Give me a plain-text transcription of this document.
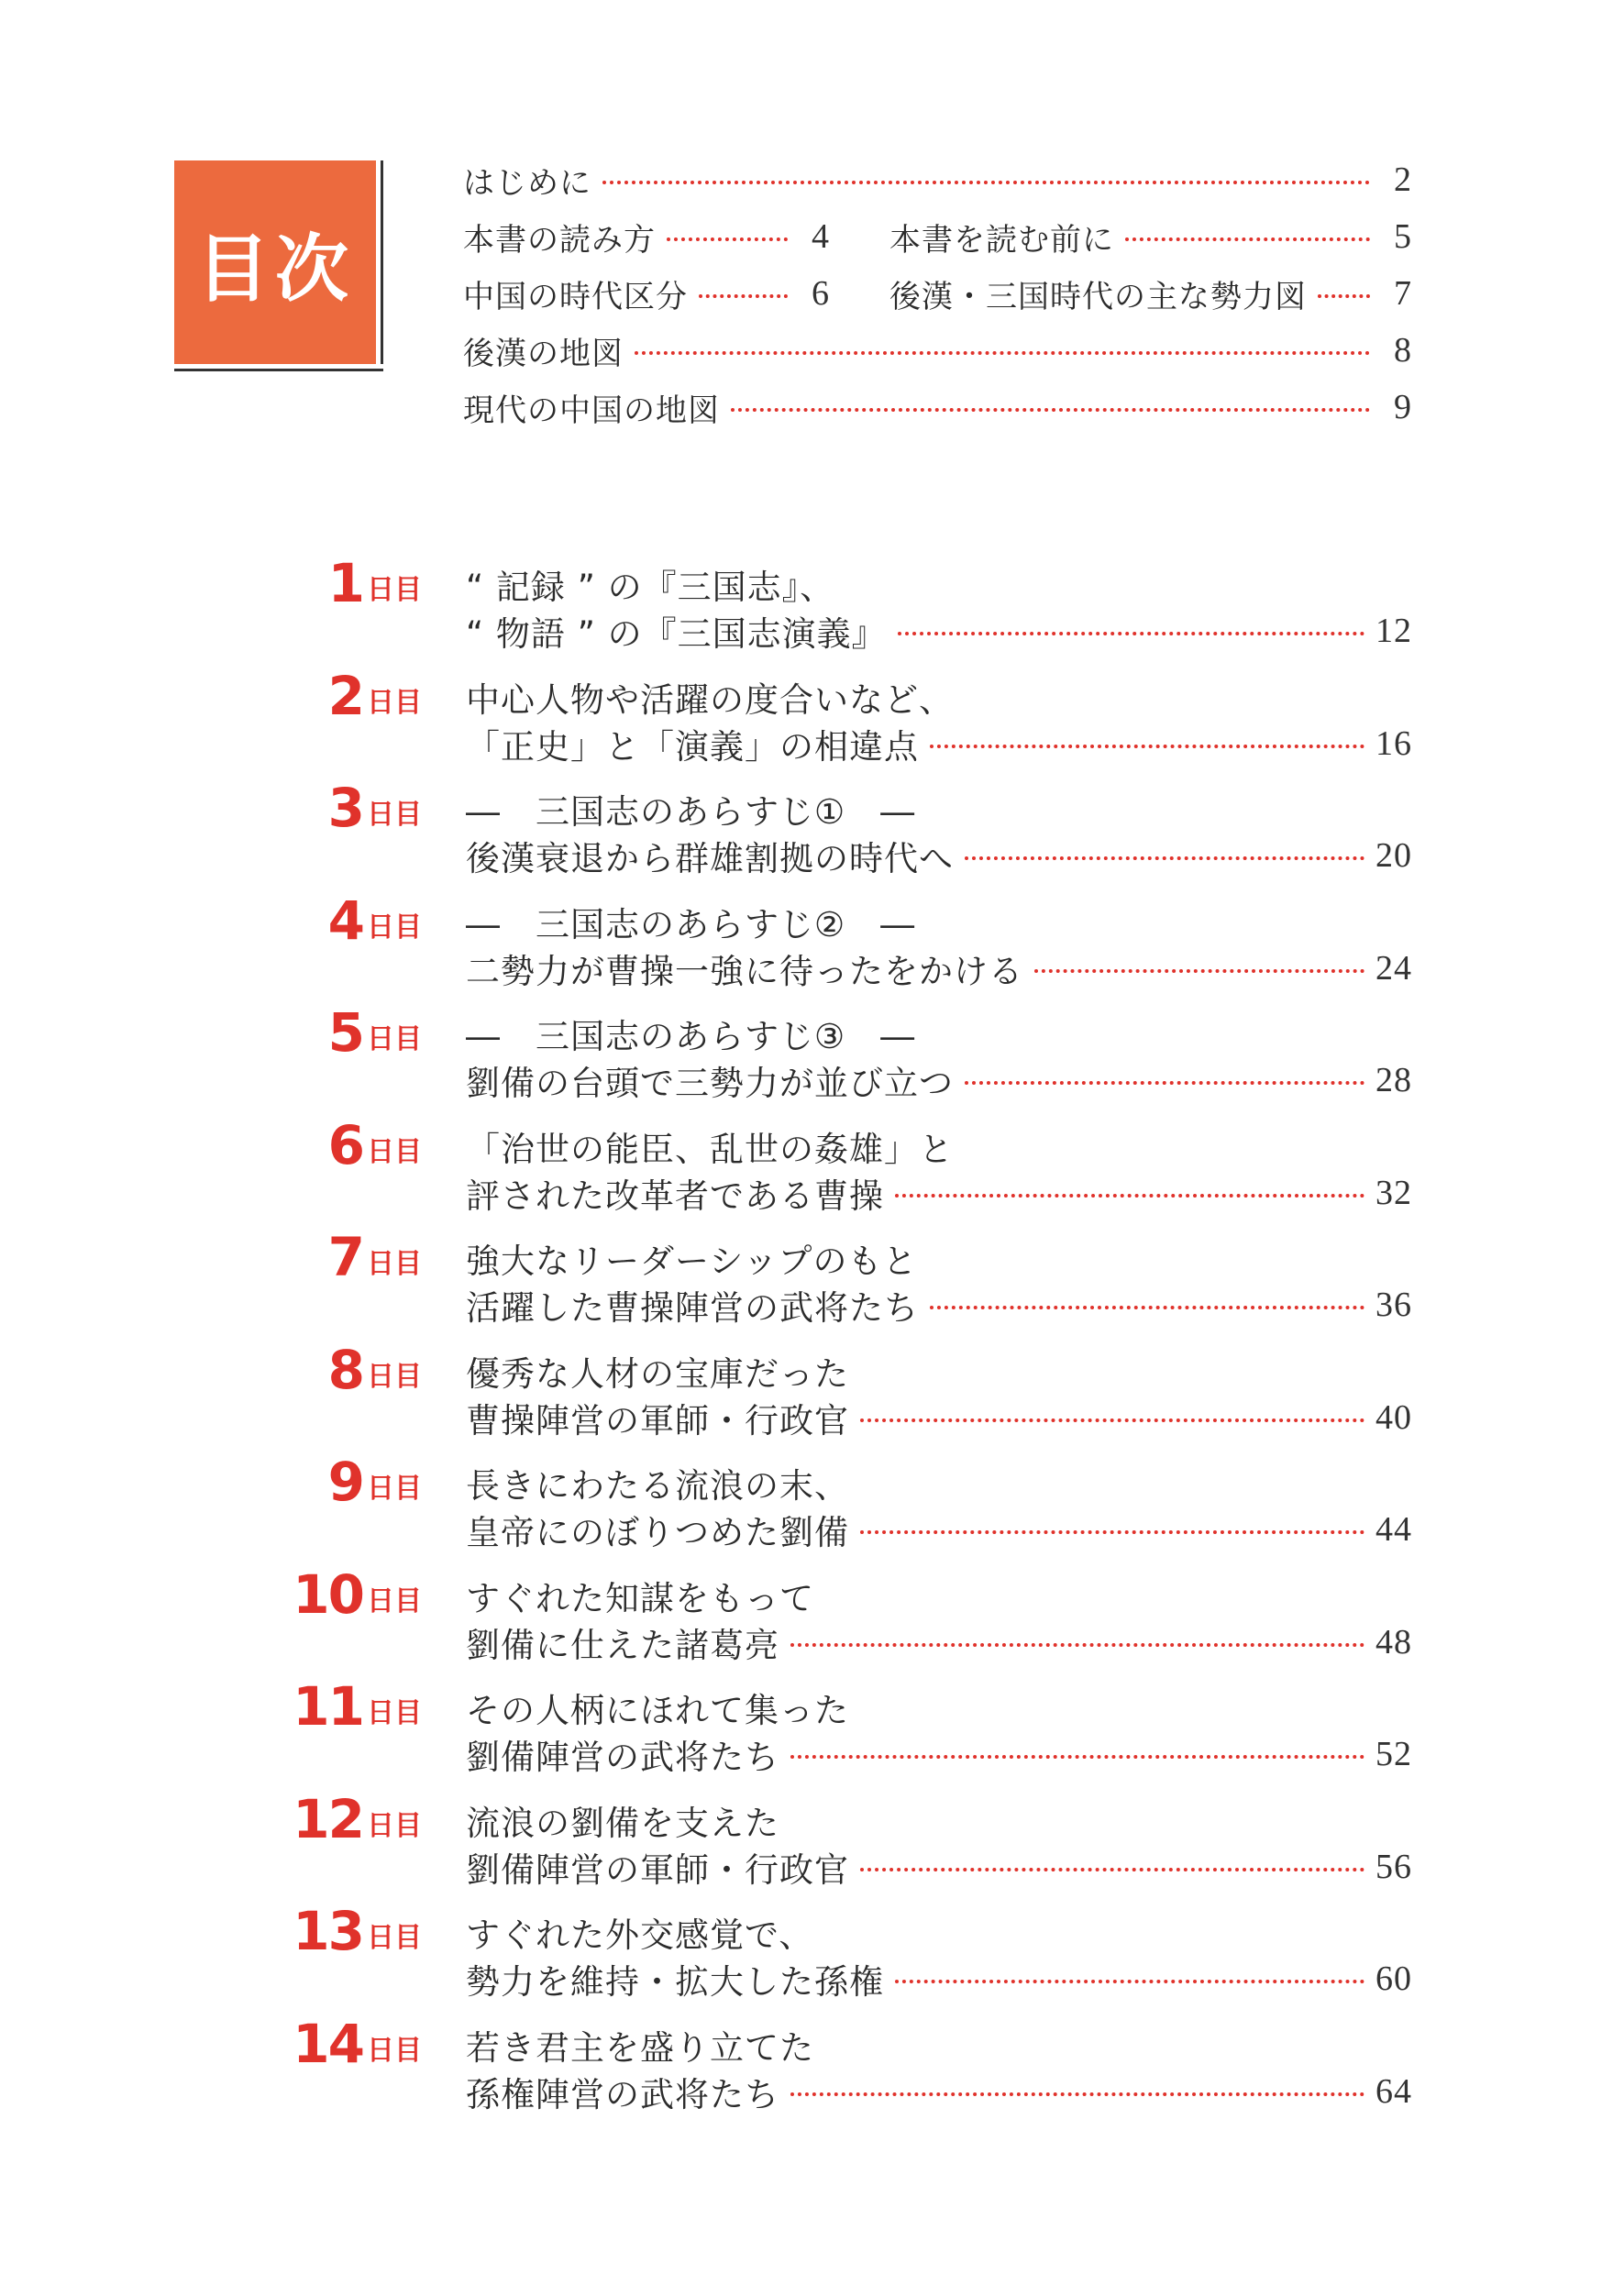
目次
はじめに	2
本書の読み方	4 本書を読む前に	5
中国の時代区分	6 後漢・三国時代の主な勢力図	7
後漢の地図	8
現代の中国の地図	9
1 日目 “ 記録 ” の『三国志』、
“ 物語 ” の『三国志演義』	12
2 日目 中心人物や活躍の度合いなど、
「正史」と「演義」の相違点	16
3 日目 ―　三国志のあらすじ①　―
後漢衰退から群雄割拠の時代へ	20
4 日目 ―　三国志のあらすじ②　―
二勢力が曹操一強に待ったをかける	24
5 日目 ―　三国志のあらすじ③　―
劉備の台頭で三勢力が並び立つ	28
6 日目 「治世の能臣、乱世の姦雄」と
評された改革者である曹操	32
7 日目 強大なリーダーシップのもと
活躍した曹操陣営の武将たち	36
8 日目 優秀な人材の宝庫だった
曹操陣営の軍師・行政官	40
9 日目 長きにわたる流浪の末、
皇帝にのぼりつめた劉備	44
10 日目 すぐれた知謀をもって
劉備に仕えた諸葛亮	48
11 日目 その人柄にほれて集った
劉備陣営の武将たち	52
12 日目 流浪の劉備を支えた
劉備陣営の軍師・行政官	56
13 日目 すぐれた外交感覚で、
勢力を維持・拡大した孫権	60
14 日目 若き君主を盛り立てた
孫権陣営の武将たち	64
